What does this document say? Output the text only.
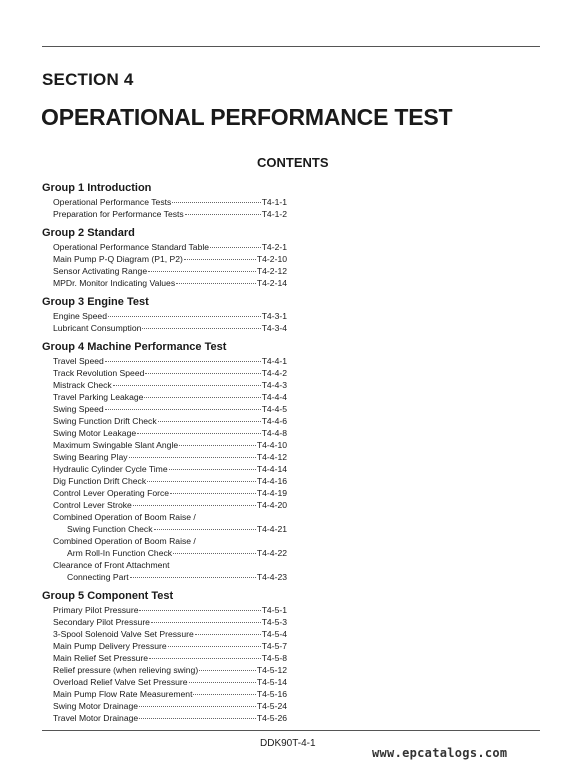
SECTION 4
OPERATIONAL PERFORMANCE TEST
CONTENTS
Group 1 Introduction
Operational Performance Tests	T4-1-1
Preparation for Performance Tests	T4-1-2
Group 2 Standard
Operational Performance Standard Table	T4-2-1
Main Pump P-Q Diagram (P1, P2)	T4-2-10
Sensor Activating Range	T4-2-12
MPDr. Monitor Indicating Values	T4-2-14
Group 3 Engine Test
Engine Speed	T4-3-1
Lubricant Consumption	T4-3-4
Group 4 Machine Performance Test
Travel Speed	T4-4-1
Track Revolution Speed	T4-4-2
Mistrack Check	T4-4-3
Travel Parking Leakage	T4-4-4
Swing Speed	T4-4-5
Swing Function Drift Check	T4-4-6
Swing Motor Leakage	T4-4-8
Maximum Swingable Slant Angle	T4-4-10
Swing Bearing Play	T4-4-12
Hydraulic Cylinder Cycle Time	T4-4-14
Dig Function Drift Check	T4-4-16
Control Lever Operating Force	T4-4-19
Control Lever Stroke	T4-4-20
Combined Operation of Boom Raise /
Swing Function Check	T4-4-21
Combined Operation of Boom Raise /
Arm Roll-In Function Check	T4-4-22
Clearance of Front Attachment
Connecting Part	T4-4-23
Group 5 Component Test
Primary Pilot Pressure	T4-5-1
Secondary Pilot Pressure	T4-5-3
3-Spool Solenoid Valve Set Pressure	T4-5-4
Main Pump Delivery Pressure	T4-5-7
Main Relief Set Pressure	T4-5-8
Relief pressure (when relieving swing)	T4-5-12
Overload Relief Valve Set Pressure	T4-5-14
Main Pump Flow Rate Measurement	T4-5-16
Swing Motor Drainage	T4-5-24
Travel Motor Drainage	T4-5-26
DDK90T-4-1
www.epcatalogs.com
